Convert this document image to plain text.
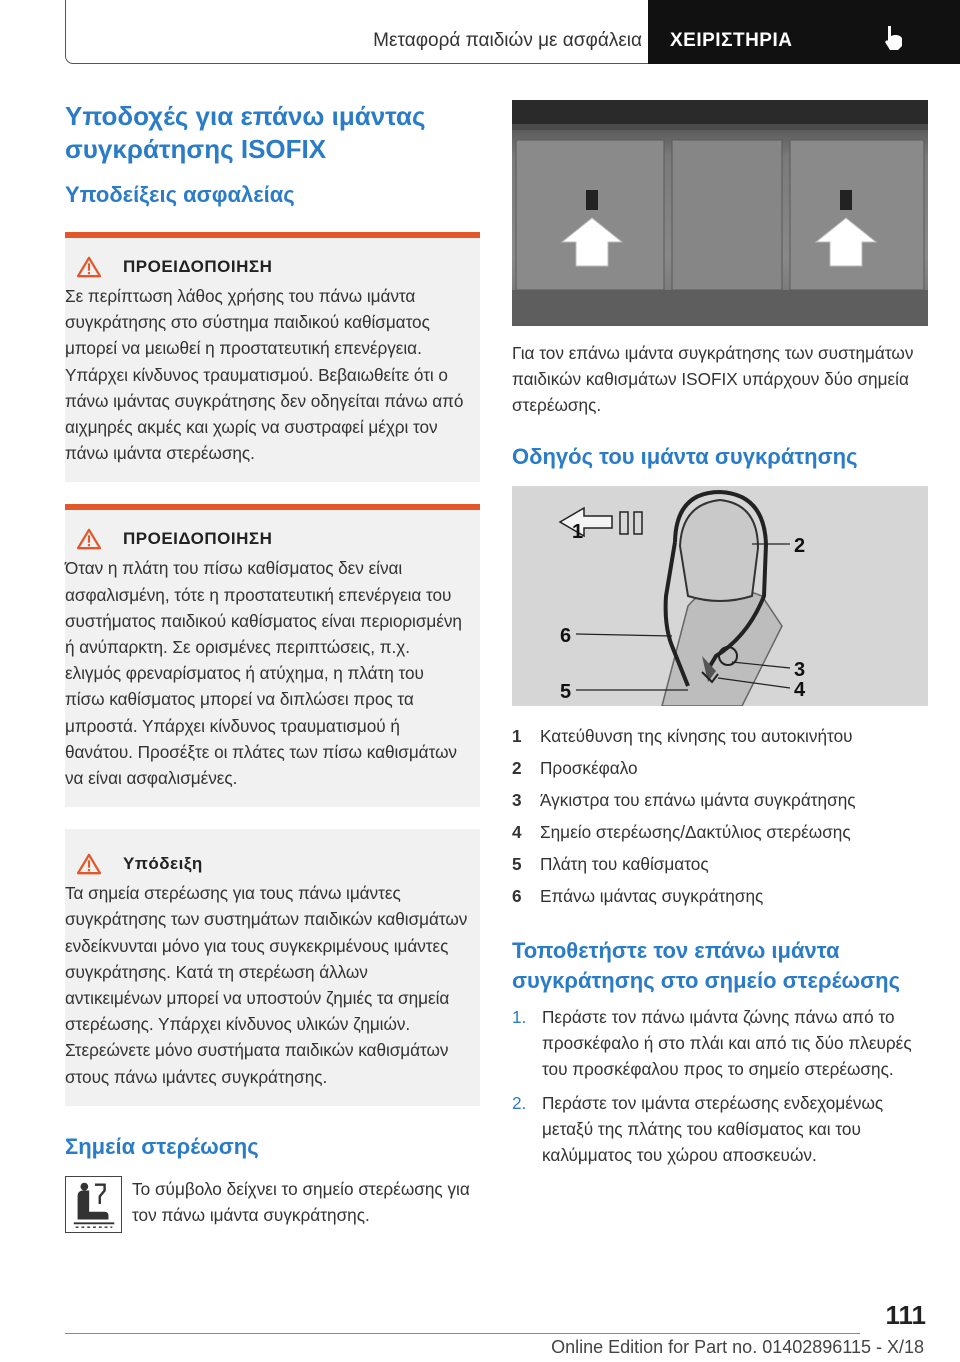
Μεταφορά παιδιών με ασφάλεια ΧΕΙΡΙΣΤΗΡΙΑ
Υποδοχές για επάνω ιμάντας συγκράτησης ISOFIX
Υποδείξεις ασφαλείας
ΠΡΟΕΙΔΟΠΟΙΗΣΗ
Σε περίπτωση λάθος χρήσης του πάνω ιμάντα συγκράτησης στο σύστημα παιδικού καθίσματος μπορεί να μειωθεί η προστατευτική επενέργεια. Υπάρχει κίνδυνος τραυματισμού. Βεβαιωθείτε ότι ο πάνω ιμάντας συγκράτησης δεν οδηγείται πάνω από αιχμηρές ακμές και χωρίς να συστραφεί μέχρι τον πάνω ιμάντα στερέωσης.
ΠΡΟΕΙΔΟΠΟΙΗΣΗ
Όταν η πλάτη του πίσω καθίσματος δεν είναι ασφαλισμένη, τότε η προστατευτική επενέργεια του συστήματος παιδικού καθίσματος είναι περιορισμένη ή ανύπαρκτη. Σε ορισμένες περιπτώσεις, π.χ. ελιγμός φρεναρίσματος ή ατύχημα, η πλάτη του πίσω καθίσματος μπορεί να διπλώσει προς τα μπροστά. Υπάρχει κίνδυνος τραυματισμού ή θανάτου. Προσέξτε οι πλάτες των πίσω καθισμάτων να είναι ασφαλισμένες.
Υπόδειξη
Τα σημεία στερέωσης για τους πάνω ιμάντες συγκράτησης των συστημάτων παιδικών καθισμάτων ενδείκνυνται μόνο για τους συγκεκριμένους ιμάντες συγκράτησης. Κατά τη στερέωση άλλων αντικειμένων μπορεί να υποστούν ζημιές τα σημεία στερέωσης. Υπάρχει κίνδυνος υλικών ζημιών. Στερεώνετε μόνο συστήματα παιδικών καθισμάτων στους πάνω ιμάντες συγκράτησης.
Σημεία στερέωσης
Το σύμβολο δείχνει το σημείο στερέωσης για τον πάνω ιμάντα συγκράτησης.
Για τον επάνω ιμάντα συγκράτησης των συστημάτων παιδικών καθισμάτων ISOFIX υπάρχουν δύο σημεία στερέωσης.
Οδηγός του ιμάντα συγκράτησης
1
2
3
4
5
6
1	Κατεύθυνση της κίνησης του αυτοκινήτου
2	Προσκέφαλο
3	Άγκιστρα του επάνω ιμάντα συγκράτησης
4	Σημείο στερέωσης/Δακτύλιος στερέωσης
5	Πλάτη του καθίσματος
6	Επάνω ιμάντας συγκράτησης
Τοποθετήστε τον επάνω ιμάντα συγκράτησης στο σημείο στερέωσης
1. Περάστε τον πάνω ιμάντα ζώνης πάνω από το προσκέφαλο ή στο πλάι και από τις δύο πλευρές του προσκέφαλου προς το σημείο στερέωσης.
2. Περάστε τον ιμάντα στερέωσης ενδεχομένως μεταξύ της πλάτης του καθίσματος και του καλύμματος του χώρου αποσκευών.
111
Online Edition for Part no. 01402896115 - X/18
